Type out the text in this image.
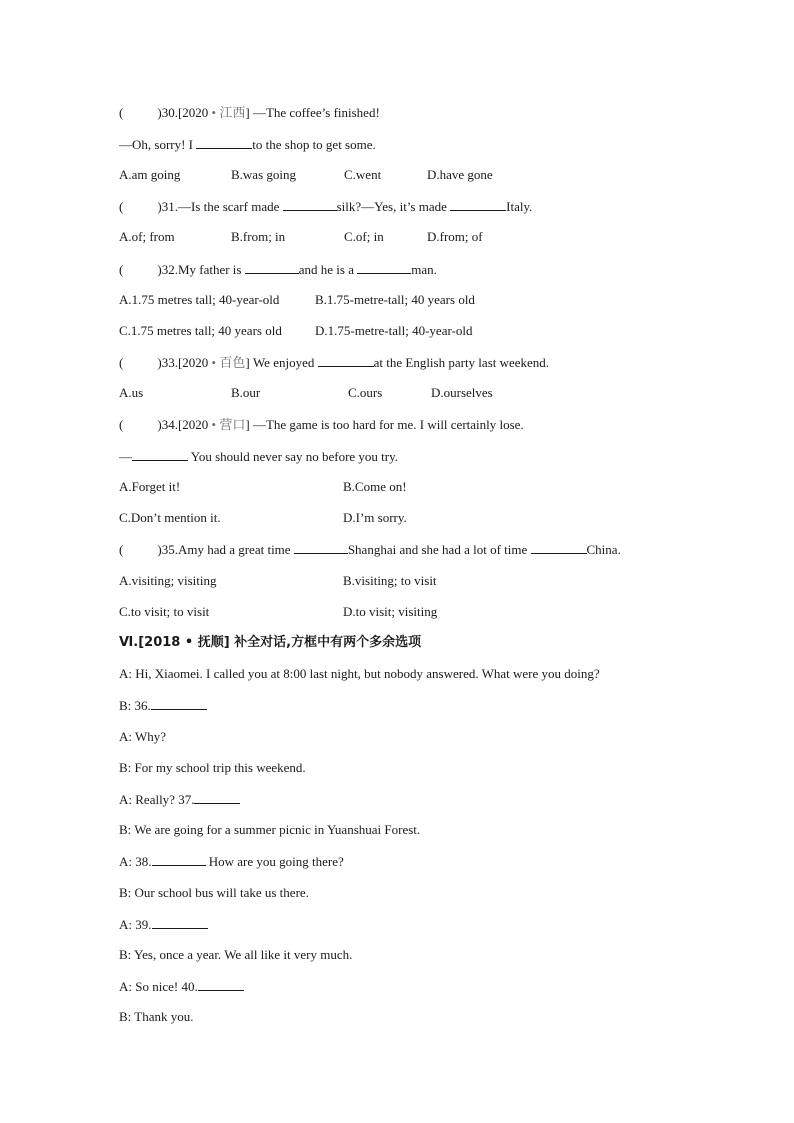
(	)30.[2020 • 江西] —The coffee’s finished!
—Oh, sorry! I	to the shop to get some.
A.am going	B.was going	C.went	D.have gone
(	)31.—Is the scarf made	silk?—Yes, it’s made	Italy.
A.of; from	B.from; in	C.of; in	D.from; of
(	)32.My father is	and he is a	man.
A.1.75 metres tall; 40-year-old	B.1.75-metre-tall; 40 years old
C.1.75 metres tall; 40 years old	D.1.75-metre-tall; 40-year-old
(	)33.[2020 • 百色] We enjoyed	at the English party last weekend.
A.us	B.our	C.ours	D.ourselves
(	)34.[2020 • 营口] —The game is too hard for me. I will certainly lose.
—	You should never say no before you try.
A.Forget it!	B.Come on!
C.Don’t mention it.	D.I’m sorry.
(	)35.Amy had a great time	Shanghai and she had a lot of time	China.
A.visiting; visiting	B.visiting; to visit
C.to visit; to visit	D.to visit; visiting
Ⅵ.[2018 • 抚顺] 补全对话,方框中有两个多余选项
A: Hi, Xiaomei. I called you at 8:00 last night, but nobody answered. What were you doing?
B: 36.
A: Why?
B: For my school trip this weekend.
A: Really? 37.
B: We are going for a summer picnic in Yuanshuai Forest.
A: 38.	How are you going there?
B: Our school bus will take us there.
A: 39.
B: Yes, once a year. We all like it very much.
A: So nice! 40.
B: Thank you.
